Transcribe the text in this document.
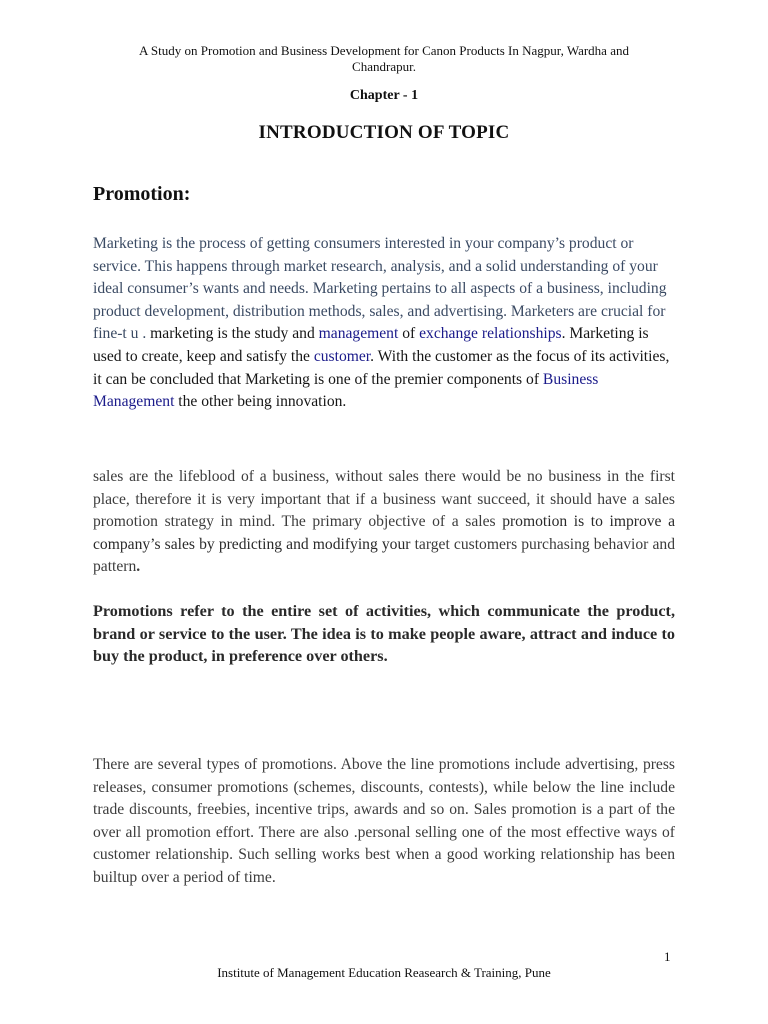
A Study on Promotion and Business Development for Canon Products In Nagpur, Wardha and
Chandrapur.
Chapter - 1
INTRODUCTION OF TOPIC
Promotion:
Marketing is the process of getting consumers interested in your company’s product or service. This happens through market research, analysis, and a solid understanding of your ideal consumer’s wants and needs. Marketing pertains to all aspects of a business, including product development, distribution methods, sales, and advertising. Marketers are crucial for fine-t u . marketing is the study and management of exchange relationships. Marketing is used to create, keep and satisfy the customer. With the customer as the focus of its activities, it can be concluded that Marketing is one of the premier components of Business Management the other being innovation.
sales are the lifeblood of a business, without sales there would be no business in the first place, therefore it is very important that if a business want succeed, it should have a sales promotion strategy in mind. The primary objective of a sales promotion is to improve a company’s sales by predicting and modifying your target customers purchasing behavior and pattern.
Promotions refer to the entire set of activities, which communicate the product, brand or service to the user. The idea is to make people aware, attract and induce to buy the product, in preference over others.
There are several types of promotions. Above the line promotions include advertising, press releases, consumer promotions (schemes, discounts, contests), while below the line include trade discounts, freebies, incentive trips, awards and so on. Sales promotion is a part of the over all promotion effort. There are also .personal selling one of the most effective ways of customer relationship. Such selling works best when a good working relationship has been builtup over a period of time.
1
Institute of Management Education Reasearch & Training, Pune
